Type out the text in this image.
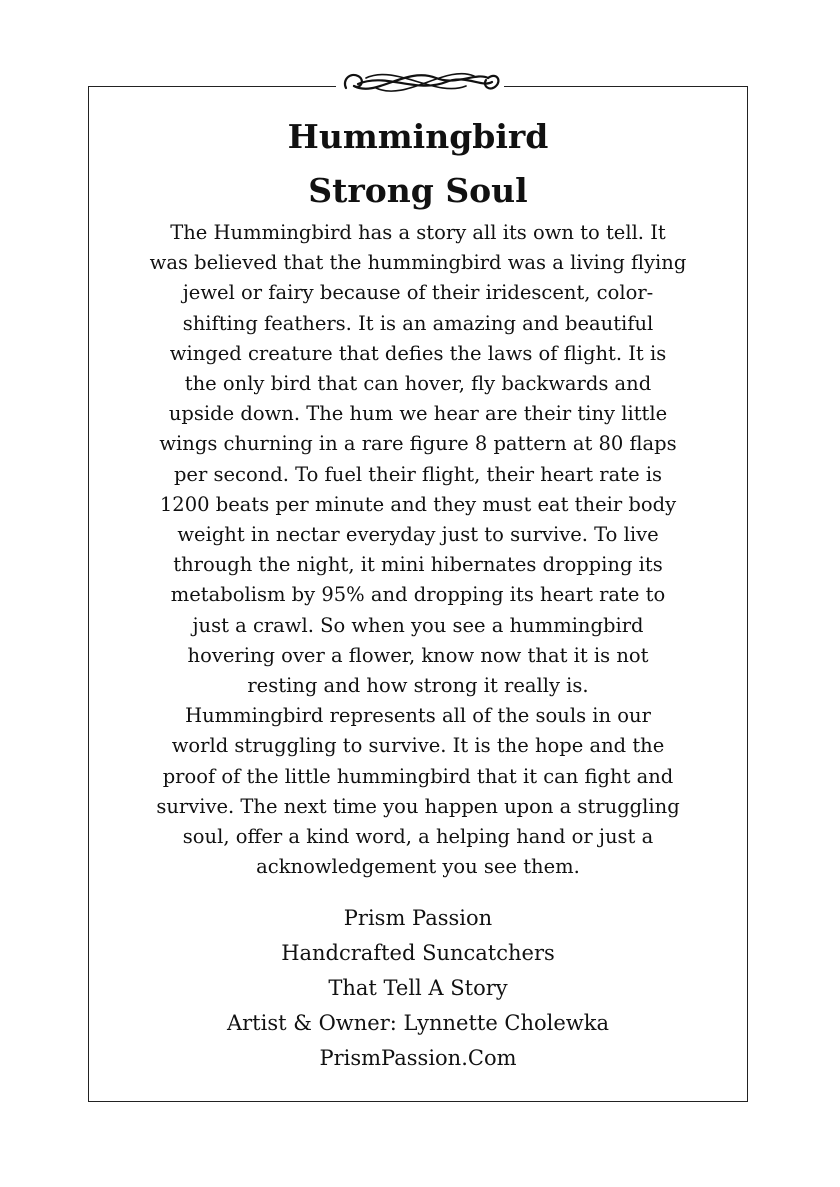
Hummingbird
Strong Soul

The Hummingbird has a story all its own to tell. It
was believed that the hummingbird was a living flying
jewel or fairy because of their iridescent, color-
shifting feathers. It is an amazing and beautiful
winged creature that defies the laws of flight. It is
the only bird that can hover, fly backwards and
upside down. The hum we hear are their tiny little
wings churning in a rare figure 8 pattern at 80 flaps
per second. To fuel their flight, their heart rate is
1200 beats per minute and they must eat their body
weight in nectar everyday just to survive. To live
through the night, it mini hibernates dropping its
metabolism by 95% and dropping its heart rate to
just a crawl. So when you see a hummingbird
hovering over a flower, know now that it is not
resting and how strong it really is.
Hummingbird represents all of the souls in our
world struggling to survive. It is the hope and the
proof of the little hummingbird that it can fight and
survive. The next time you happen upon a struggling
soul, offer a kind word, a helping hand or just a
acknowledgement you see them.

Prism Passion
Handcrafted Suncatchers
That Tell A Story
Artist & Owner: Lynnette Cholewka
PrismPassion.Com
